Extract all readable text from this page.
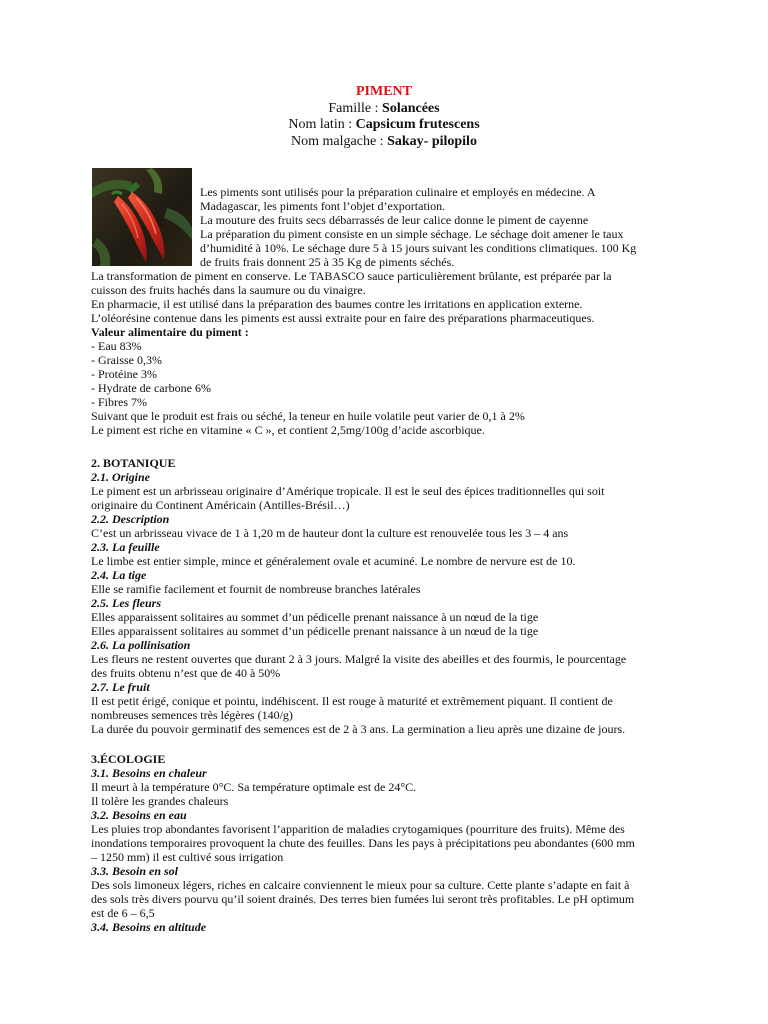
PIMENT
Famille : Solancées
Nom latin : Capsicum frutescens
Nom malgache : Sakay- pilopilo
Les piments sont utilisés pour la préparation culinaire et employés en médecine. A
Madagascar, les piments font l’objet d’exportation.
La mouture des fruits secs débarrassés de leur calice donne le piment de cayenne
La préparation du piment consiste en un simple séchage. Le séchage doit amener le taux
d’humidité à 10%. Le séchage dure 5 à 15 jours suivant les conditions climatiques. 100 Kg
de fruits frais donnent 25 à 35 Kg de piments séchés.
La transformation de piment en conserve. Le TABASCO sauce particulièrement brûlante, est préparée par la
cuisson des fruits hachés dans la saumure ou du vinaigre.
En pharmacie, il est utilisé dans la préparation des baumes contre les irritations en application externe.
L’oléorésine contenue dans les piments est aussi extraite pour en faire des préparations pharmaceutiques.
Valeur alimentaire du piment :
- Eau 83%
- Graisse 0,3%
- Protéine 3%
- Hydrate de carbone 6%
- Fibres 7%
Suivant que le produit est frais ou séché, la teneur en huile volatile peut varier de 0,1 à 2%
Le piment est riche en vitamine « C », et contient 2,5mg/100g d’acide ascorbique.
2. BOTANIQUE
2.1. Origine
Le piment est un arbrisseau originaire d’Amérique tropicale. Il est le seul des épices traditionnelles qui soit
originaire du Continent Américain (Antilles-Brésil…)
2.2. Description
C’est un arbrisseau vivace de 1 à 1,20 m de hauteur dont la culture est renouvelée tous les 3 – 4 ans
2.3. La feuille
Le limbe est entier simple, mince et généralement ovale et acuminé. Le nombre de nervure est de 10.
2.4. La tige
Elle se ramifie facilement et fournit de nombreuse branches latérales
2.5. Les fleurs
Elles apparaissent solitaires au sommet d’un pédicelle prenant naissance à un nœud de la tige
Elles apparaissent solitaires au sommet d’un pédicelle prenant naissance à un nœud de la tige
2.6. La pollinisation
Les fleurs ne restent ouvertes que durant 2 à 3 jours. Malgré la visite des abeilles et des fourmis, le pourcentage
des fruits obtenu n’est que de 40 à 50%
2.7. Le fruit
Il est petit érigé, conique et pointu, indéhiscent. Il est rouge à maturité et extrêmement piquant. Il contient de
nombreuses semences très légères (140/g)
La durée du pouvoir germinatif des semences est de 2 à 3 ans. La germination a lieu après une dizaine de jours.
3.ÉCOLOGIE
3.1. Besoins en chaleur
Il meurt à la température 0°C. Sa température optimale est de 24°C.
Il tolère les grandes chaleurs
3.2. Besoins en eau
Les pluies trop abondantes favorisent l’apparition de maladies crytogamiques (pourriture des fruits). Même des
inondations temporaires provoquent la chute des feuilles. Dans les pays à précipitations peu abondantes (600 mm
– 1250 mm) il est cultivé sous irrigation
3.3. Besoin en sol
Des sols limoneux légers, riches en calcaire conviennent le mieux pour sa culture. Cette plante s’adapte en fait à
des sols très divers pourvu qu’il soient drainés. Des terres bien fumées lui seront très profitables. Le pH optimum
est de 6 – 6,5
3.4. Besoins en altitude
